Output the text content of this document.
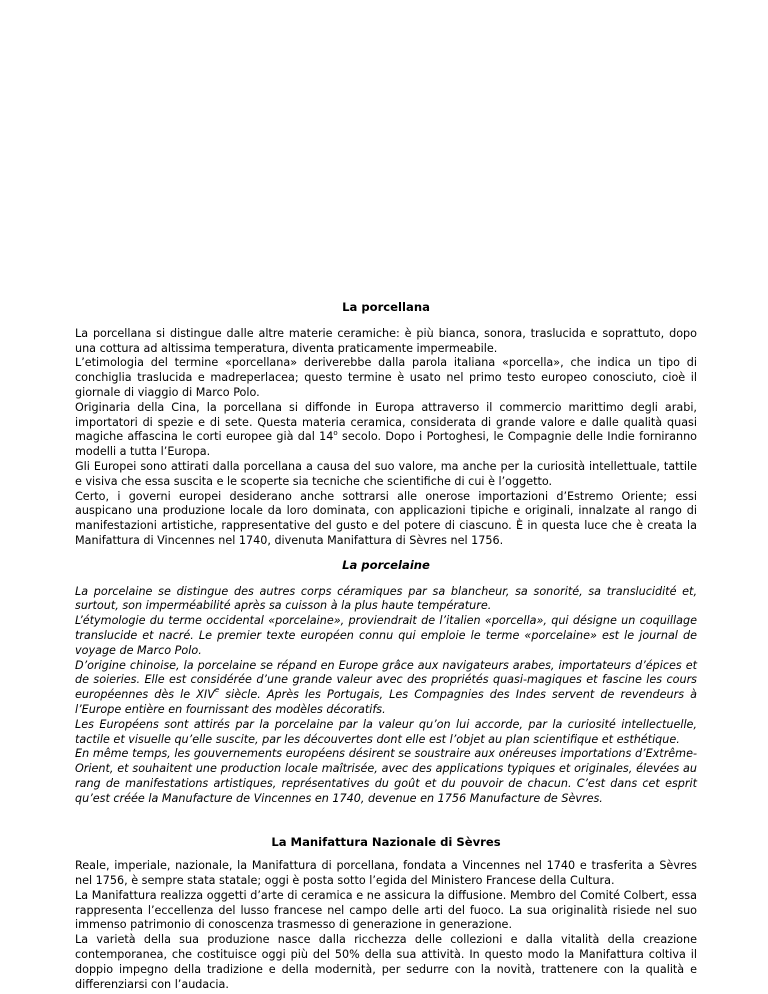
La porcellana

La porcellana si distingue dalle altre materie ceramiche: è più bianca, sonora, traslucida e soprattuto, dopo una cottura ad altissima temperatura, diventa praticamente impermeabile.

L’etimologia del termine «porcellana» deriverebbe dalla parola italiana «porcella», che indica un tipo di conchiglia traslucida e madreperlacea; questo termine è usato nel primo testo europeo conosciuto, cioè il giornale di viaggio di Marco Polo.

Originaria della Cina, la porcellana si diffonde in Europa attraverso il commercio marittimo degli arabi, importatori di spezie e di sete. Questa materia ceramica, considerata di grande valore e dalle qualità quasi magiche affascina le corti europee già dal 14$^o$ secolo. Dopo i Portoghesi, le Compagnie delle Indie forniranno modelli a tutta l’Europa.

Gli Europei sono attirati dalla porcellana a causa del suo valore, ma anche per la curiosità intellettuale, tattile e visiva che essa suscita e le scoperte sia tecniche che scientifiche di cui è l’oggetto.

Certo, i governi europei desiderano anche sottrarsi alle onerose importazioni d’Estremo Oriente; essi auspicano una produzione locale da loro dominata, con applicazioni tipiche e originali, innalzate al rango di manifestazioni artistiche, rappresentative del gusto e del potere di ciascuno. È in questa luce che è creata la Manifattura di Vincennes nel 1740, divenuta Manifattura di Sèvres nel 1756.

La porcelaine

La porcelaine se distingue des autres corps céramiques par sa blancheur, sa sonorité, sa translucidité et, surtout, son imperméabilité après sa cuisson à la plus haute température.

L’étymologie du terme occidental «porcelaine», proviendrait de l’italien «porcella», qui désigne un coquillage translucide et nacré. Le premier texte européen connu qui emploie le terme «porcelaine» est le journal de voyage de Marco Polo.

D’origine chinoise, la porcelaine se répand en Europe grâce aux navigateurs arabes, importateurs d’épices et de soieries. Elle est considérée d’une grande valeur avec des propriétés quasi-magiques et fascine les cours européennes dès le XIVe siècle. Après les Portugais, Les Compagnies des Indes servent de revendeurs à l’Europe entière en fournissant des modèles décoratifs.

Les Européens sont attirés par la porcelaine par la valeur qu’on lui accorde, par la curiosité intellectuelle, tactile et visuelle qu’elle suscite, par les découvertes dont elle est l’objet au plan scientifique et esthétique.

En même temps, les gouvernements européens désirent se soustraire aux onéreuses importations d’Extrême-Orient, et souhaitent une production locale maîtrisée, avec des applications typiques et originales, élevées au rang de manifestations artistiques, représentatives du goût et du pouvoir de chacun. C’est dans cet esprit qu’est créée la Manufacture de Vincennes en 1740, devenue en 1756 Manufacture de Sèvres.

La Manifattura Nazionale di Sèvres

Reale, imperiale, nazionale, la Manifattura di porcellana, fondata a Vincennes nel 1740 e trasferita a Sèvres nel 1756, è sempre stata statale; oggi è posta sotto l’egida del Ministero Francese della Cultura.

La Manifattura realizza oggetti d’arte di ceramica e ne assicura la diffusione. Membro del Comité Colbert, essa rappresenta l’eccellenza del lusso francese nel campo delle arti del fuoco. La sua originalità risiede nel suo immenso patrimonio di conoscenza trasmesso di generazione in generazione.

La varietà della sua produzione nasce dalla ricchezza delle collezioni e dalla vitalità della creazione contemporanea, che costituisce oggi più del 50% della sua attività. In questo modo la Manifattura coltiva il doppio impegno della tradizione e della modernità, per sedurre con la novità, trattenere con la qualità e differenziarsi con l’audacia.
